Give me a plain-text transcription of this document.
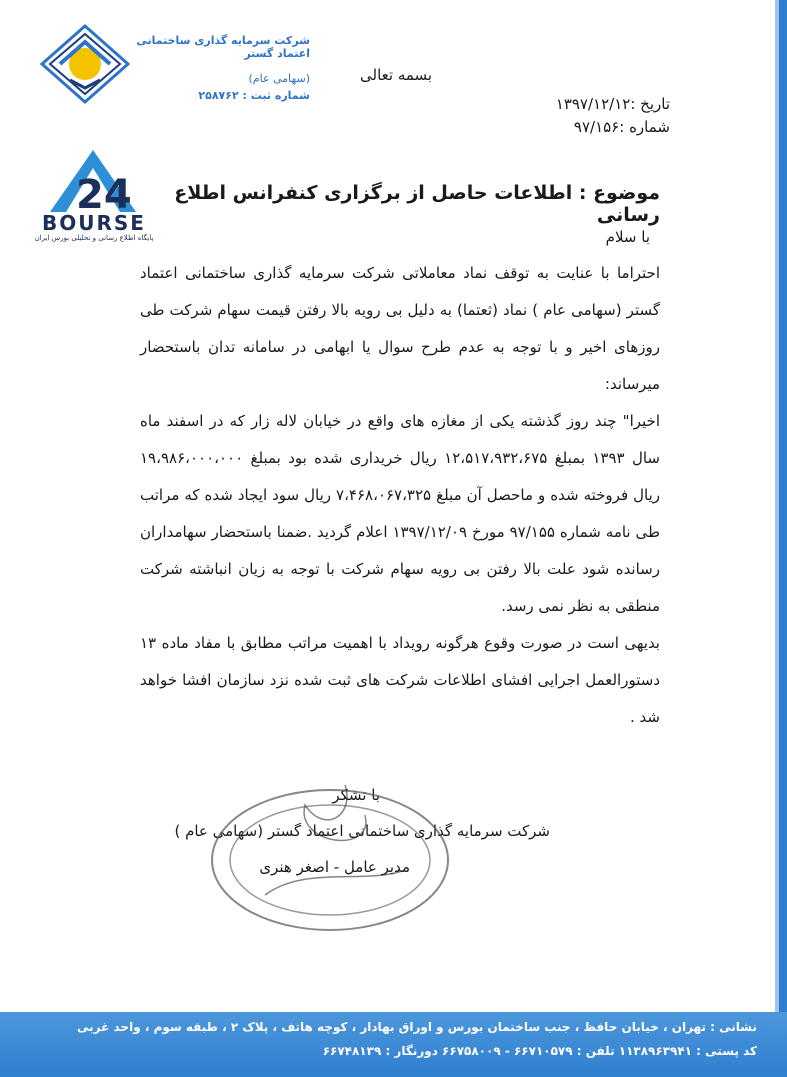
شرکت سرمایه گذاری ساختمانی اعتماد گستر
(سهامی عام)
شماره ثبت : ۲۵۸۷۶۲
بسمه تعالی
تاریخ :۱۳۹۷/۱۲/۱۲
شماره :۹۷/۱۵۶
24
BOURSE
پایگاه اطلاع رسانی و تحلیلی بورس ایران
موضوع : اطلاعات حاصل از برگزاری کنفرانس اطلاع رسانی
با سلام

احتراما با عنایت به توقف نماد معاملاتی شرکت سرمایه گذاری ساختمانی اعتماد گستر (سهامی عام ) نماد (ثعتما) به دلیل بی رویه بالا رفتن قیمت سهام شرکت طی روزهای اخیر و با توجه به عدم طرح سوال یا ابهامی در سامانه تدان باستحضار میرساند:

اخیرا" چند روز گذشته یکی از مغازه های واقع در خیابان لاله زار که در اسفند ماه سال ۱۳۹۳ بمبلغ ۱۲،۵۱۷،۹۳۲،۶۷۵ ریال خریداری شده بود بمبلغ ۱۹،۹۸۶،۰۰۰،۰۰۰ ریال فروخته شده و ماحصل آن مبلغ ۷،۴۶۸،۰۶۷،۳۲۵ ریال سود ایجاد شده که مراتب طی نامه شماره ۹۷/۱۵۵ مورخ ۱۳۹۷/۱۲/۰۹ اعلام گردید .ضمنا باستحضار سهامداران رسانده شود علت بالا رفتن بی رویه سهام شرکت با توجه به زیان انباشته شرکت منطقی به نظر نمی رسد.

بدیهی است در صورت وقوع هرگونه رویداد با اهمیت مراتب مطابق با مفاد ماده ۱۳ دستورالعمل اجرایی افشای اطلاعات شرکت های ثبت شده نزد سازمان افشا خواهد شد .

با تشکر
شرکت سرمایه گذاری ساختمانی اعتماد گستر (سهامی عام )
مدیر عامل - اصغر هنری
نشانی : تهران ، خیابان حافظ ، جنب ساختمان بورس و اوراق بهادار ، کوچه هاتف ، پلاک ۲ ، طبقه سوم ، واحد غربی
کد پستی : ۱۱۳۸۹۶۳۹۴۱ تلفن : ۶۶۷۱۰۵۷۹ - ۶۶۷۵۸۰۰۹ دورنگار : ۶۶۷۴۸۱۳۹
